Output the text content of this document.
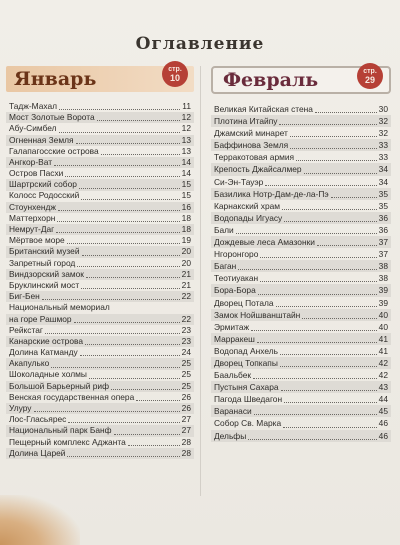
Оглавление
Январь	стр.
10
Тадж-Махал	11
Мост Золотые Ворота	12
Абу-Симбел	12
Огненная Земля	13
Галапагосские острова	13
Ангкор-Ват	14
Остров Пасхи	14
Шартрский собор	15
Колосс Родосский	15
Стоунхендж	16
Маттерхорн	18
Немрут-Даг	18
Мёртвое море	19
Британский музей	20
Запретный город	20
Виндзорский замок	21
Бруклинский мост	21
Биг-Бен	22
Национальный мемориал
на горе Рашмор	22
Рейкстаг	23
Канарские острова	23
Долина Катманду	24
Акапулько	25
Шоколадные холмы	25
Большой Барьерный риф	25
Венская государственная опера	26
Улуру	26
Лос-Гласьярес	27
Национальный парк Банф	27
Пещерный комплекс Аджанта	28
Долина Царей	28
Февраль	стр.
29
Великая Китайская стена	30
Плотина Итайпу	32
Джамский минарет	32
Баффинова Земля	33
Терракотовая армия	33
Крепость Джайсалмер	34
Си-Эн-Тауэр	34
Базилика Нотр-Дам-де-ла-Пэ	35
Карнакский храм	35
Водопады Игуасу	36
Бали	36
Дождевые леса Амазонки	37
Нгоронгоро	37
Баган	38
Теотиуакан	38
Бора-Бора	39
Дворец Потала	39
Замок Нойшванштайн	40
Эрмитаж	40
Марракеш	41
Водопад Анхель	41
Дворец Топкапы	42
Баальбек	42
Пустыня Сахара	43
Пагода Шведагон	44
Варанаси	45
Собор Св. Марка	46
Дельфы	46
